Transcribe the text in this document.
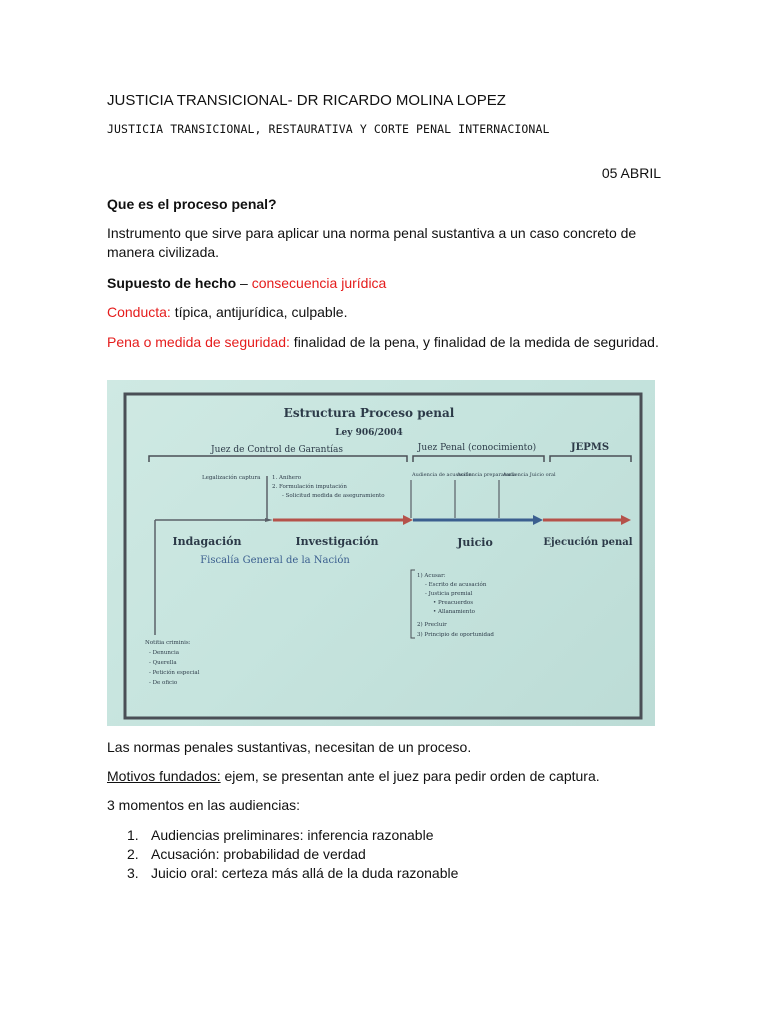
JUSTICIA TRANSICIONAL- DR RICARDO MOLINA LOPEZ
JUSTICIA TRANSICIONAL, RESTAURATIVA Y CORTE PENAL INTERNACIONAL
05 ABRIL
Que es el proceso penal?
Instrumento que sirve para aplicar una norma penal sustantiva a un caso concreto de manera civilizada.
Supuesto de hecho – consecuencia jurídica
Conducta: típica, antijurídica, culpable.
Pena o medida de seguridad: finalidad de la pena, y finalidad de la medida de seguridad.
Estructura Proceso penal
Ley 906/2004
Juez de Control de Garantías	Juez Penal (conocimiento)	JEPMS
Legalización captura 1. Anihero
2. Formulación imputación
- Solicitud medida de aseguramiento
Audiencia de acusación
Audiencia preparatoria
Audiencia Juicio oral
Indagación	Investigación	Juicio	Ejecución penal
Fiscalía General de la Nación
1) Acusar:
- Escrito de acusación
- Justicia premial
• Preacuerdos
• Allanamiento
2) Precluir
3) Principio de oportunidad
Notitia criminis:
- Denuncia
- Querella
- Petición especial
- De oficio
Las normas penales sustantivas, necesitan de un proceso.
Motivos fundados: ejem, se presentan ante el juez para pedir orden de captura.
3 momentos en las audiencias:
1. Audiencias preliminares: inferencia razonable
2. Acusación: probabilidad de verdad
3. Juicio oral: certeza más allá de la duda razonable
